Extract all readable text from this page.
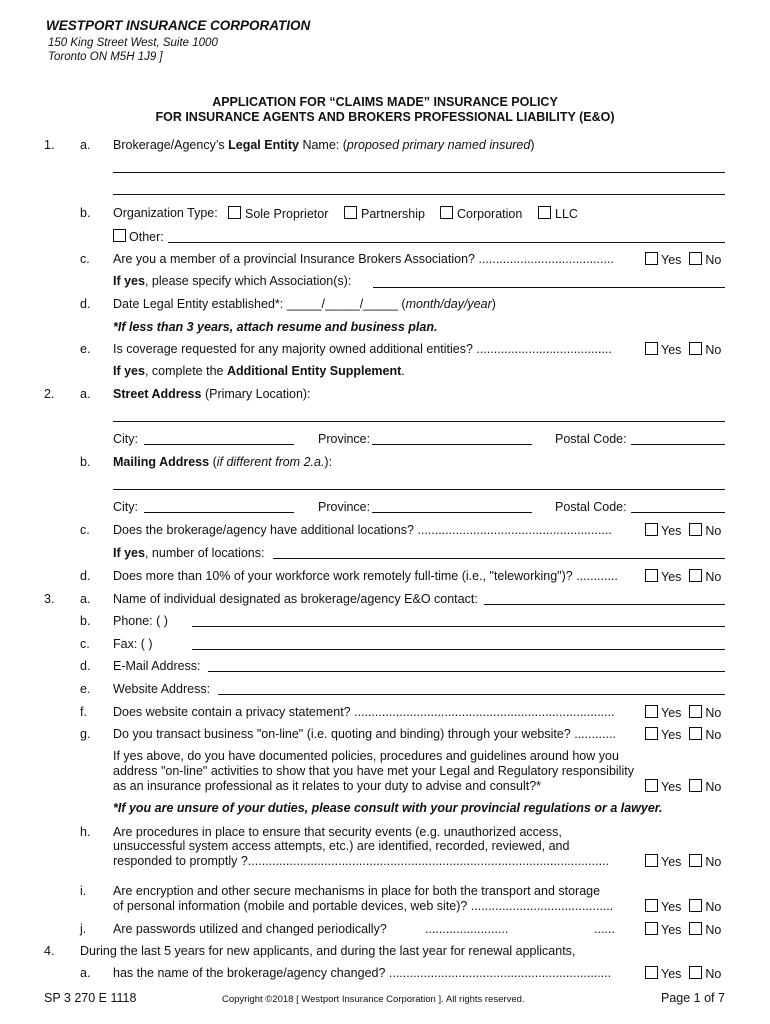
WESTPORT INSURANCE CORPORATION
150 King Street West, Suite 1000
Toronto ON M5H 1J9 ]
APPLICATION FOR “CLAIMS MADE” INSURANCE POLICY
FOR INSURANCE AGENTS AND BROKERS PROFESSIONAL LIABILITY (E&O)
1. a. Brokerage/Agency’s Legal Entity Name: (proposed primary named insured)
b. Organization Type:	Sole Proprietor	Partnership	Corporation	LLC
Other:
c. Are you a member of a provincial Insurance Brokers Association? .......................................	Yes No
If yes, please specify which Association(s):
d. Date Legal Entity established*: _____/_____/_____ (month/day/year)
*If less than 3 years, attach resume and business plan.
e. Is coverage requested for any majority owned additional entities? .......................................	Yes No
If yes, complete the Additional Entity Supplement.
2. a. Street Address (Primary Location):
City:	Province:	Postal Code:
b. Mailing Address (if different from 2.a.):
City:	Province:	Postal Code:
c. Does the brokerage/agency have additional locations? ........................................................	Yes No
If yes, number of locations:
d. Does more than 10% of your workforce work remotely full-time (i.e., "teleworking")? ............	Yes No
3. a. Name of individual designated as brokerage/agency E&O contact:
b. Phone: ( )
c. Fax: ( )
d. E-Mail Address:
e. Website Address:
f. Does website contain a privacy statement? ...........................................................................	Yes No
g. Do you transact business "on-line" (i.e. quoting and binding) through your website? ............	Yes No
If yes above, do you have documented policies, procedures and guidelines around how you
address "on-line" activities to show that you have met your Legal and Regulatory responsibility
as an insurance professional as it relates to your duty to advise and consult?*	Yes No
*If you are unsure of your duties, please consult with your provincial regulations or a lawyer.
h. Are procedures in place to ensure that security events (e.g. unauthorized access,
unsuccessful system access attempts, etc.) are identified, recorded, reviewed, and
responded to promptly ?........................................................................................................	Yes No
i. Are encryption and other secure mechanisms in place for both the transport and storage
of personal information (mobile and portable devices, web site)? .........................................	Yes No
j. Are passwords utilized and changed periodically?	........................	......	Yes No
4. During the last 5 years for new applicants, and during the last year for renewal applicants,
a. has the name of the brokerage/agency changed? ................................................................	Yes No
SP 3 270 E 1118	Copyright ©2018 [ Westport Insurance Corporation ]. All rights reserved.	Page 1 of 7
